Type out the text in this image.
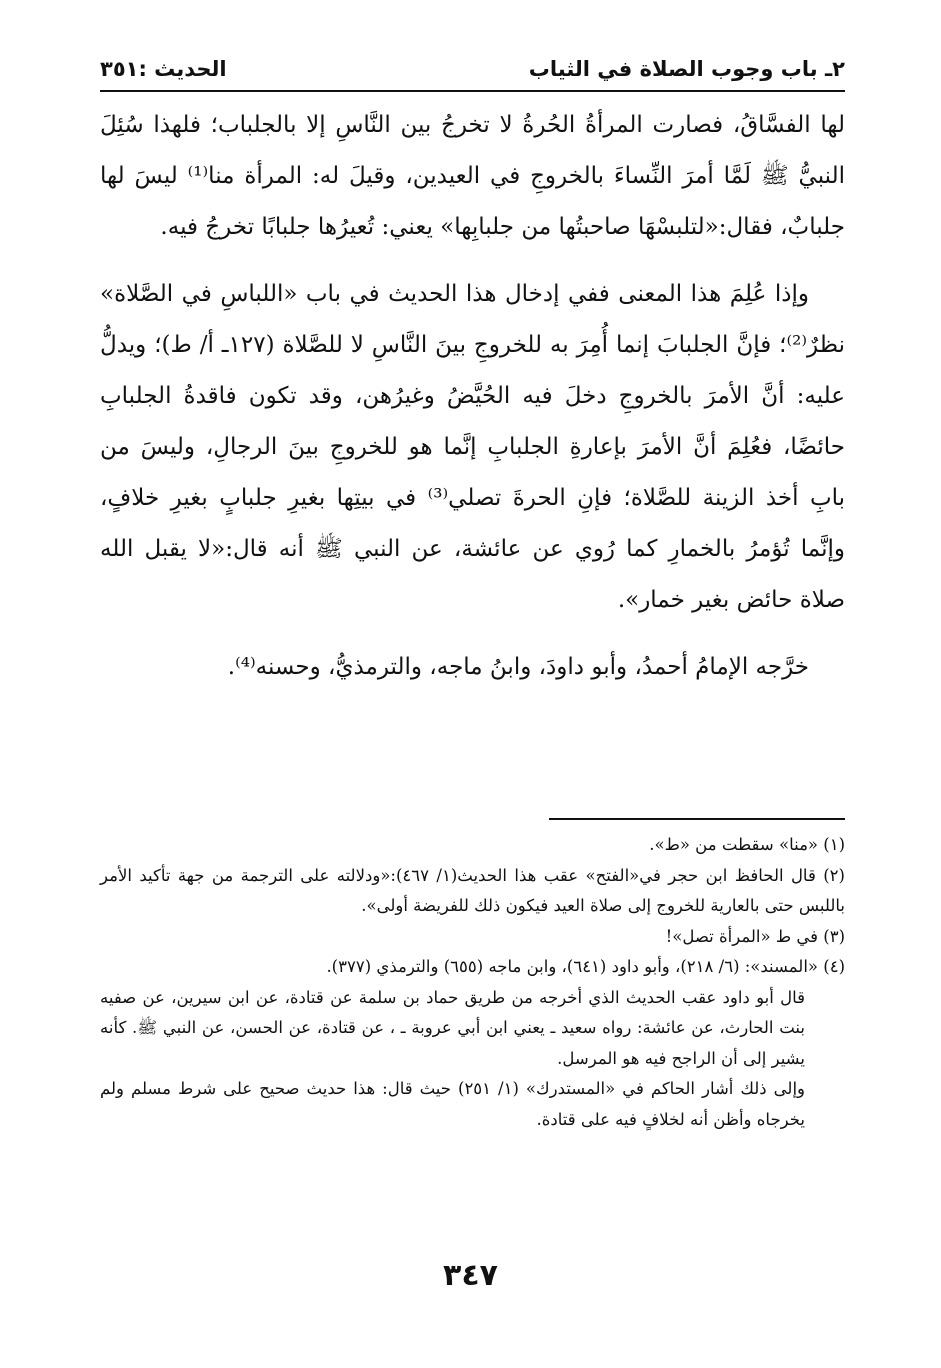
الحديث :٣٥١	٢ـ باب وجوب الصلاة في الثياب

لها الفسَّاقُ، فصارت المرأةُ الحُرةُ لا تخرجُ بين النَّاسِ إلا بالجلباب؛ فلهذا سُئِلَ النبيُّ ﷺ لَمَّا أمرَ النِّساءَ بالخروجِ في العيدين، وقيلَ له: المرأة منا⁽¹⁾ ليسَ لها جلبابٌ، فقال:«لتلبسْهَا صاحبتُها من جلبابِها» يعني: تُعيرُها جلبابًا تخرجُ فيه.

وإذا عُلِمَ هذا المعنى ففي إدخال هذا الحديث في باب «اللباسِ في الصَّلاة» نظرٌ⁽²⁾؛ فإنَّ الجلبابَ إنما أُمِرَ به للخروجِ بينَ النَّاسِ لا للصَّلاة (١٢٧ـ أ/ ط)؛ ويدلُّ عليه: أنَّ الأمرَ بالخروجِ دخلَ فيه الحُيَّضُ وغيرُهن، وقد تكون فاقدةُ الجلبابِ حائضًا، فعُلِمَ أنَّ الأمرَ بإعارةِ الجلبابِ إنَّما هو للخروجِ بينَ الرجالِ، وليسَ من بابِ أخذ الزينة للصَّلاة؛ فإنِ الحرةَ تصلي⁽³⁾ في بيتِها بغيرِ جلبابٍ بغيرِ خلافٍ، وإنَّما تُؤمرُ بالخمارِ كما رُوي عن عائشة، عن النبي ﷺ أنه قال:«لا يقبل الله صلاة حائض بغير خمار».

خرَّجه الإمامُ أحمدُ، وأبو داودَ، وابنُ ماجه، والترمذيُّ، وحسنه⁽⁴⁾.

(١) «منا» سقطت من «ط».

(٢) قال الحافظ ابن حجر في«الفتح» عقب هذا الحديث(١/ ٤٦٧):«ودلالته على الترجمة من جهة تأكيد الأمر باللبس حتى بالعارية للخروج إلى صلاة العيد فيكون ذلك للفريضة أولى».

(٣) في ط «المرأة تصل»!

(٤) «المسند»: (٦/ ٢١٨)، وأبو داود (٦٤١)، وابن ماجه (٦٥٥) والترمذي (٣٧٧).

قال أبو داود عقب الحديث الذي أخرجه من طريق حماد بن سلمة عن قتادة، عن ابن سيرين، عن صفيه بنت الحارث، عن عائشة: رواه سعيد ـ يعني ابن أبي عروبة ـ ، عن قتادة، عن الحسن، عن النبي ﷺ. كأنه يشير إلى أن الراجح فيه هو المرسل.

وإلى ذلك أشار الحاكم في «المستدرك» (١/ ٢٥١) حيث قال: هذا حديث صحيح على شرط مسلم ولم يخرجاه وأظن أنه لخلافٍ فيه على قتادة.

٣٤٧
